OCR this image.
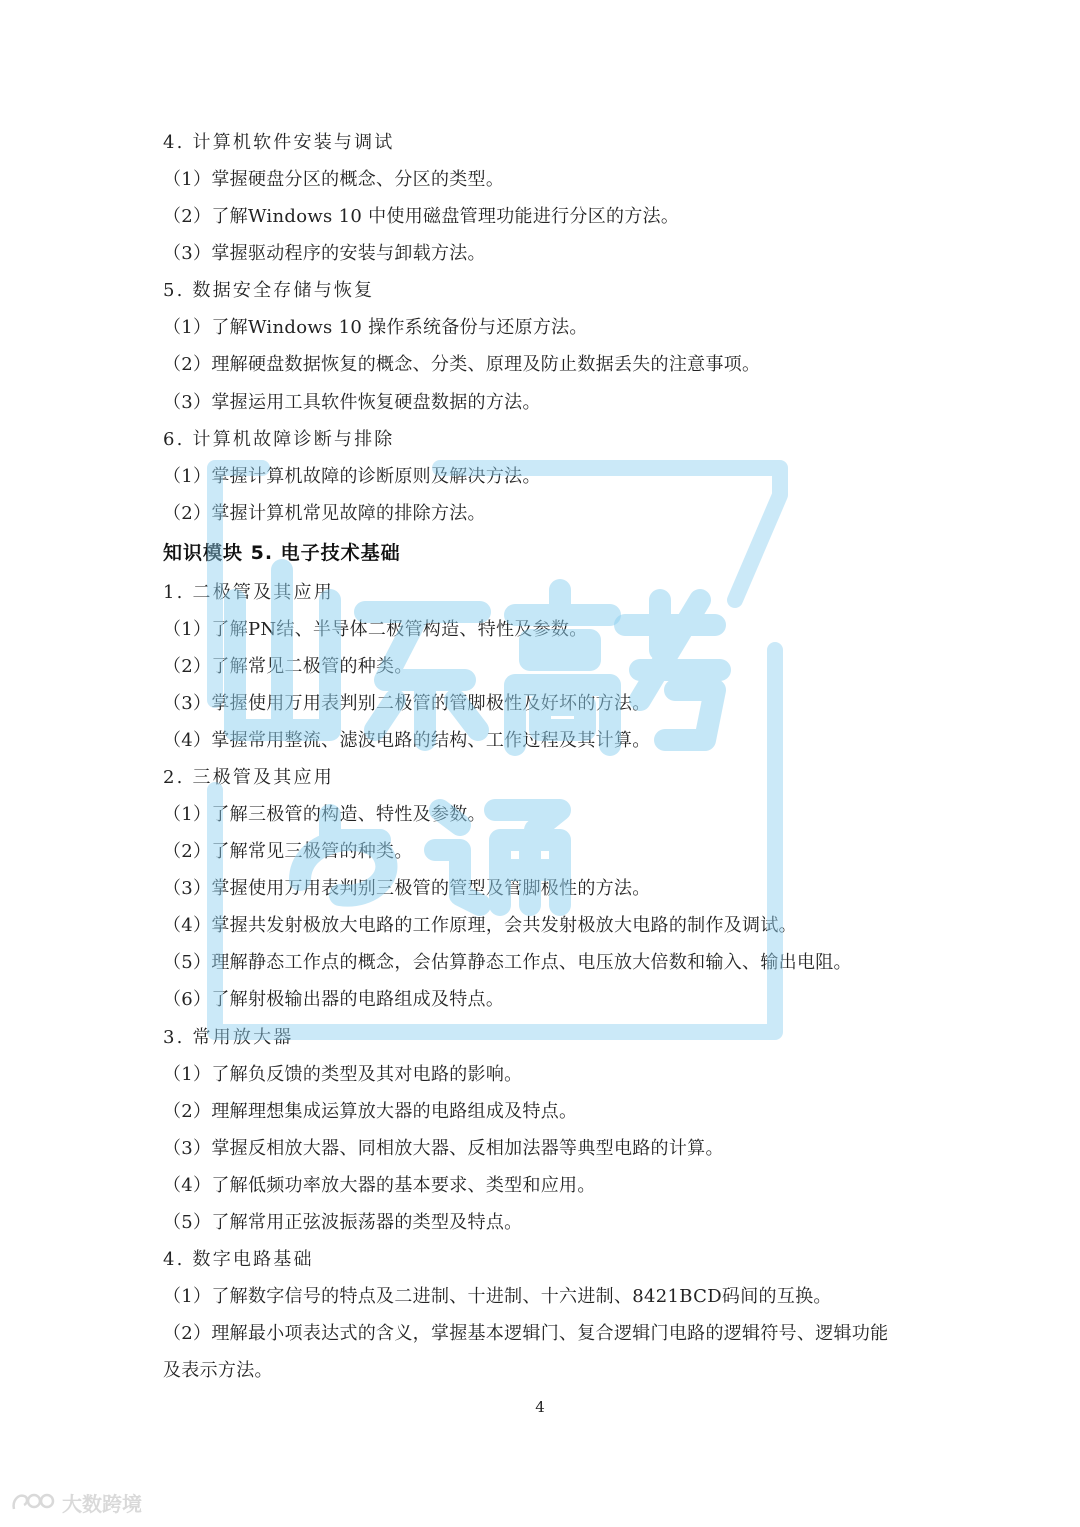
4. 计算机软件安装与调试
（1）掌握硬盘分区的概念、分区的类型。
（2）了解Windows 10 中使用磁盘管理功能进行分区的方法。
（3）掌握驱动程序的安装与卸载方法。
5. 数据安全存储与恢复
（1）了解Windows 10 操作系统备份与还原方法。
（2）理解硬盘数据恢复的概念、分类、原理及防止数据丢失的注意事项。
（3）掌握运用工具软件恢复硬盘数据的方法。
6. 计算机故障诊断与排除
（1）掌握计算机故障的诊断原则及解决方法。
（2）掌握计算机常见故障的排除方法。
知识模块 5. 电子技术基础
1. 二极管及其应用
（1）了解PN结、半导体二极管构造、特性及参数。
（2）了解常见二极管的种类。
（3）掌握使用万用表判别二极管的管脚极性及好坏的方法。
（4）掌握常用整流、滤波电路的结构、工作过程及其计算。
2. 三极管及其应用
（1）了解三极管的构造、特性及参数。
（2）了解常见三极管的种类。
（3）掌握使用万用表判别三极管的管型及管脚极性的方法。
（4）掌握共发射极放大电路的工作原理，会共发射极放大电路的制作及调试。
（5）理解静态工作点的概念，会估算静态工作点、电压放大倍数和输入、输出电阻。
（6）了解射极输出器的电路组成及特点。
3. 常用放大器
（1）了解负反馈的类型及其对电路的影响。
（2）理解理想集成运算放大器的电路组成及特点。
（3）掌握反相放大器、同相放大器、反相加法器等典型电路的计算。
（4）了解低频功率放大器的基本要求、类型和应用。
（5）了解常用正弦波振荡器的类型及特点。
4. 数字电路基础
（1）了解数字信号的特点及二进制、十进制、十六进制、8421BCD码间的互换。
（2）理解最小项表达式的含义，掌握基本逻辑门、复合逻辑门电路的逻辑符号、逻辑功能
及表示方法。
4
大数跨境
